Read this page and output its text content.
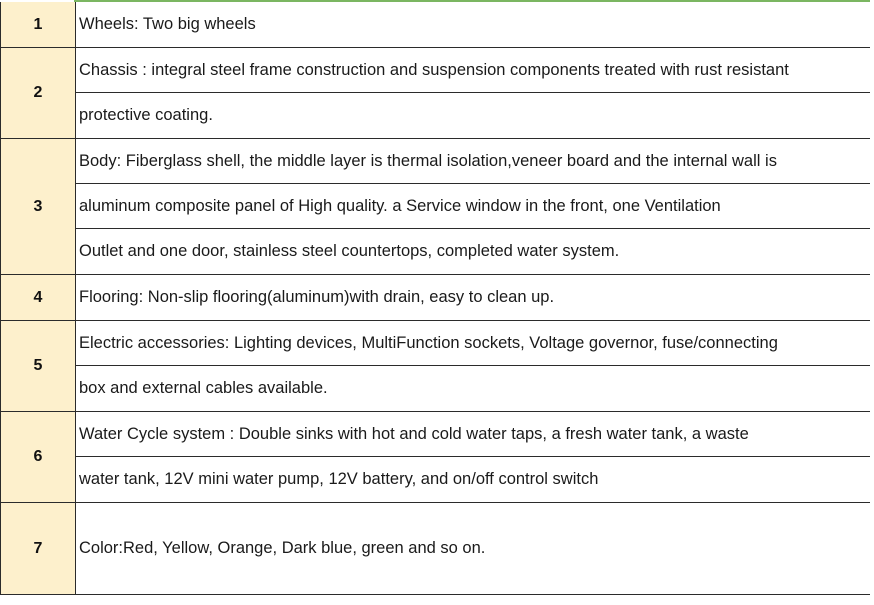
1	Wheels: Two big wheels

2	Chassis : integral steel frame construction and suspension components treated with rust resistant
protective coating.

3	Body: Fiberglass shell, the middle layer is thermal isolation,veneer board and the internal wall is
aluminum composite panel of High quality. a Service window in the front, one Ventilation
Outlet and one door, stainless steel countertops, completed water system.

4	Flooring: Non-slip flooring(aluminum)with drain, easy to clean up.

5	Electric accessories: Lighting devices, MultiFunction sockets, Voltage governor, fuse/connecting
box and external cables available.

6	Water Cycle system : Double sinks with hot and cold water taps, a fresh water tank, a waste
water tank, 12V mini water pump, 12V battery, and on/off control switch

7	Color:Red, Yellow, Orange, Dark blue, green and so on.
